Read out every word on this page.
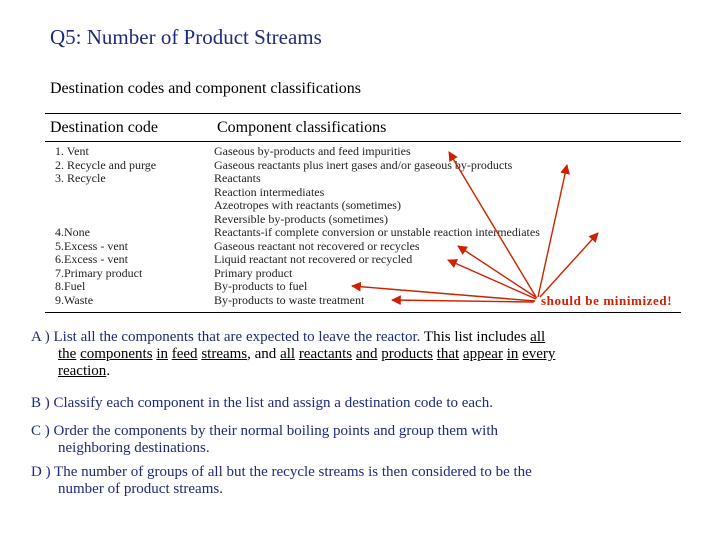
Q5: Number of Product Streams
Destination codes and component classifications
Destination code	Component classifications
1. Vent
2. Recycle and purge
3. Recycle

4.None
5.Excess - vent
6.Excess - vent
7.Primary product
8.Fuel
9.Waste
Gaseous by-products and feed impurities
Gaseous reactants plus inert gases and/or gaseous by-products
Reactants
Reaction intermediates
Azeotropes with reactants (sometimes)
Reversible by-products (sometimes)
Reactants-if complete conversion or unstable reaction intermediates
Gaseous reactant not recovered or recycles
Liquid reactant not recovered or recycled
Primary product
By-products to fuel
By-products to waste treatment	should be minimized!
A ) List all the components that are expected to leave the reactor. This list includes all
the components in feed streams, and all reactants and products that appear in every
reaction.
B ) Classify each component in the list and assign a destination code to each.
C ) Order the components by their normal boiling points and group them with
neighboring destinations.
D ) The number of groups of all but the recycle streams is then considered to be the
number of product streams.
